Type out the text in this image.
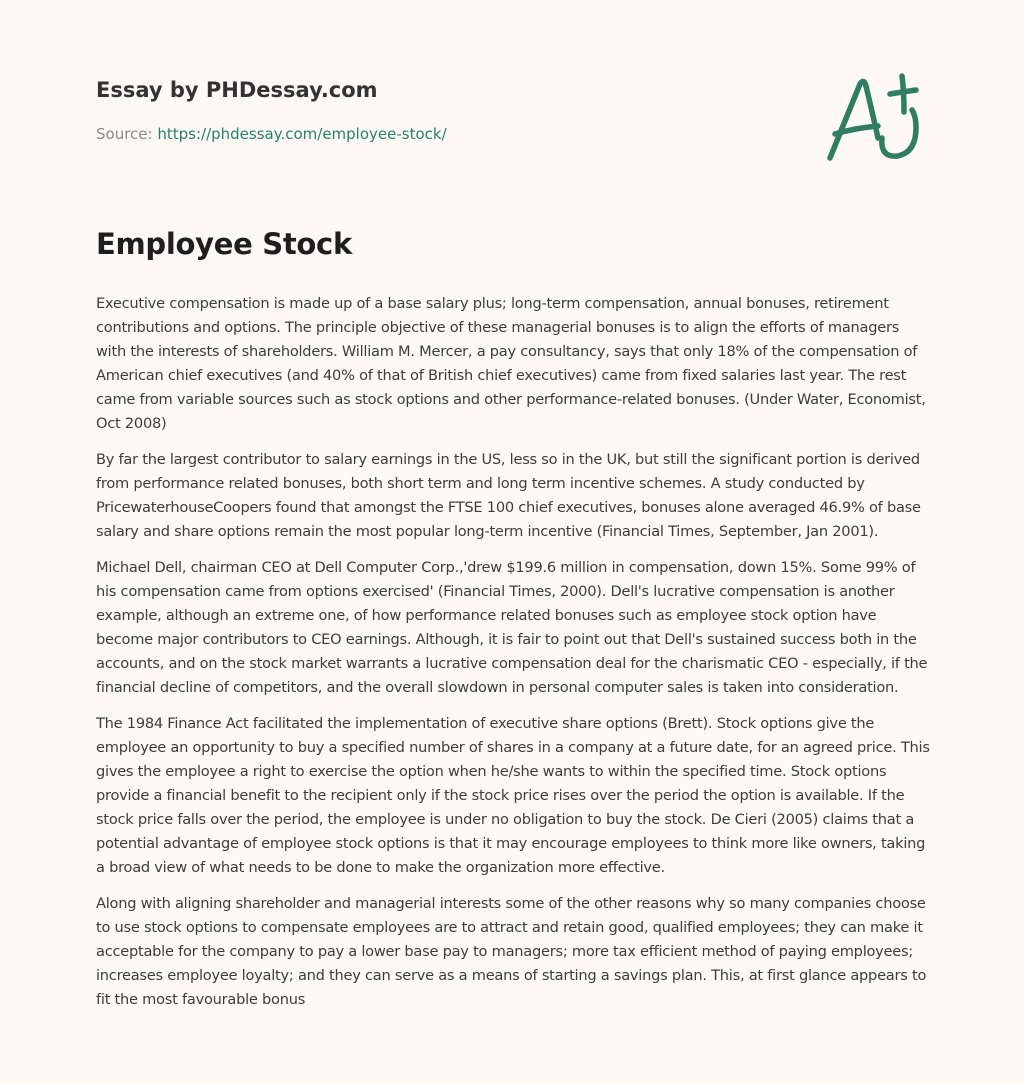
Essay by PHDessay.com
Source: https://phdessay.com/employee-stock/
Employee Stock

Executive compensation is made up of a base salary plus; long-term compensation, annual bonuses, retirement contributions and options. The principle objective of these managerial bonuses is to align the efforts of managers with the interests of shareholders. William M. Mercer, a pay consultancy, says that only 18% of the compensation of American chief executives (and 40% of that of British chief executives) came from fixed salaries last year. The rest came from variable sources such as stock options and other performance-related bonuses. (Under Water, Economist, Oct 2008)

By far the largest contributor to salary earnings in the US, less so in the UK, but still the significant portion is derived from performance related bonuses, both short term and long term incentive schemes. A study conducted by PricewaterhouseCoopers found that amongst the FTSE 100 chief executives, bonuses alone averaged 46.9% of base salary and share options remain the most popular long-term incentive (Financial Times, September, Jan 2001).

Michael Dell, chairman CEO at Dell Computer Corp.,'drew $199.6 million in compensation, down 15%. Some 99% of his compensation came from options exercised' (Financial Times, 2000). Dell's lucrative compensation is another example, although an extreme one, of how performance related bonuses such as employee stock option have become major contributors to CEO earnings. Although, it is fair to point out that Dell's sustained success both in the accounts, and on the stock market warrants a lucrative compensation deal for the charismatic CEO - especially, if the financial decline of competitors, and the overall slowdown in personal computer sales is taken into consideration.

The 1984 Finance Act facilitated the implementation of executive share options (Brett). Stock options give the employee an opportunity to buy a specified number of shares in a company at a future date, for an agreed price. This gives the employee a right to exercise the option when he/she wants to within the specified time. Stock options provide a financial benefit to the recipient only if the stock price rises over the period the option is available. If the stock price falls over the period, the employee is under no obligation to buy the stock. De Cieri (2005) claims that a potential advantage of employee stock options is that it may encourage employees to think more like owners, taking a broad view of what needs to be done to make the organization more effective.

Along with aligning shareholder and managerial interests some of the other reasons why so many companies choose to use stock options to compensate employees are to attract and retain good, qualified employees; they can make it acceptable for the company to pay a lower base pay to managers; more tax efficient method of paying employees; increases employee loyalty; and they can serve as a means of starting a savings plan. This, at first glance appears to fit the most favourable bonus
